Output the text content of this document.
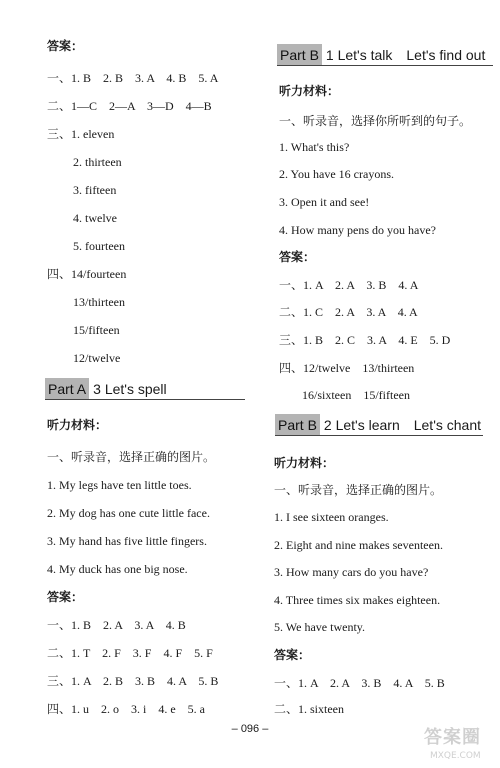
答案：
一、1. B　2. B　3. A　4. B　5. A
二、1—C　2—A　3—D　4—B
三、1. eleven
2. thirteen
3. fifteen
4. twelve
5. fourteen
四、14/fourteen
13/thirteen
15/fifteen
12/twelve
Part A 3 Let's spell
听力材料：
一、听录音，选择正确的图片。
1. My legs have ten little toes.
2. My dog has one cute little face.
3. My hand has five little fingers.
4. My duck has one big nose.
答案：
一、1. B　2. A　3. A　4. B
二、1. T　2. F　3. F　4. F　5. F
三、1. A　2. B　3. B　4. A　5. B
四、1. u　2. o　3. i　4. e　5. a
Part B 1 Let's talk　Let's find out
听力材料：
一、听录音，选择你所听到的句子。
1. What's this?
2. You have 16 crayons.
3. Open it and see!
4. How many pens do you have?
答案：
一、1. A　2. A　3. B　4. A
二、1. C　2. A　3. A　4. A
三、1. B　2. C　3. A　4. E　5. D
四、12/twelve　13/thirteen
16/sixteen　15/fifteen
Part B 2 Let's learn　Let's chant
听力材料：
一、听录音，选择正确的图片。
1. I see sixteen oranges.
2. Eight and nine makes seventeen.
3. How many cars do you have?
4. Three times six makes eighteen.
5. We have twenty.
答案：
一、1. A　2. A　3. B　4. A　5. B
二、1. sixteen
– 096 –	答案圈
MXQE.COM
